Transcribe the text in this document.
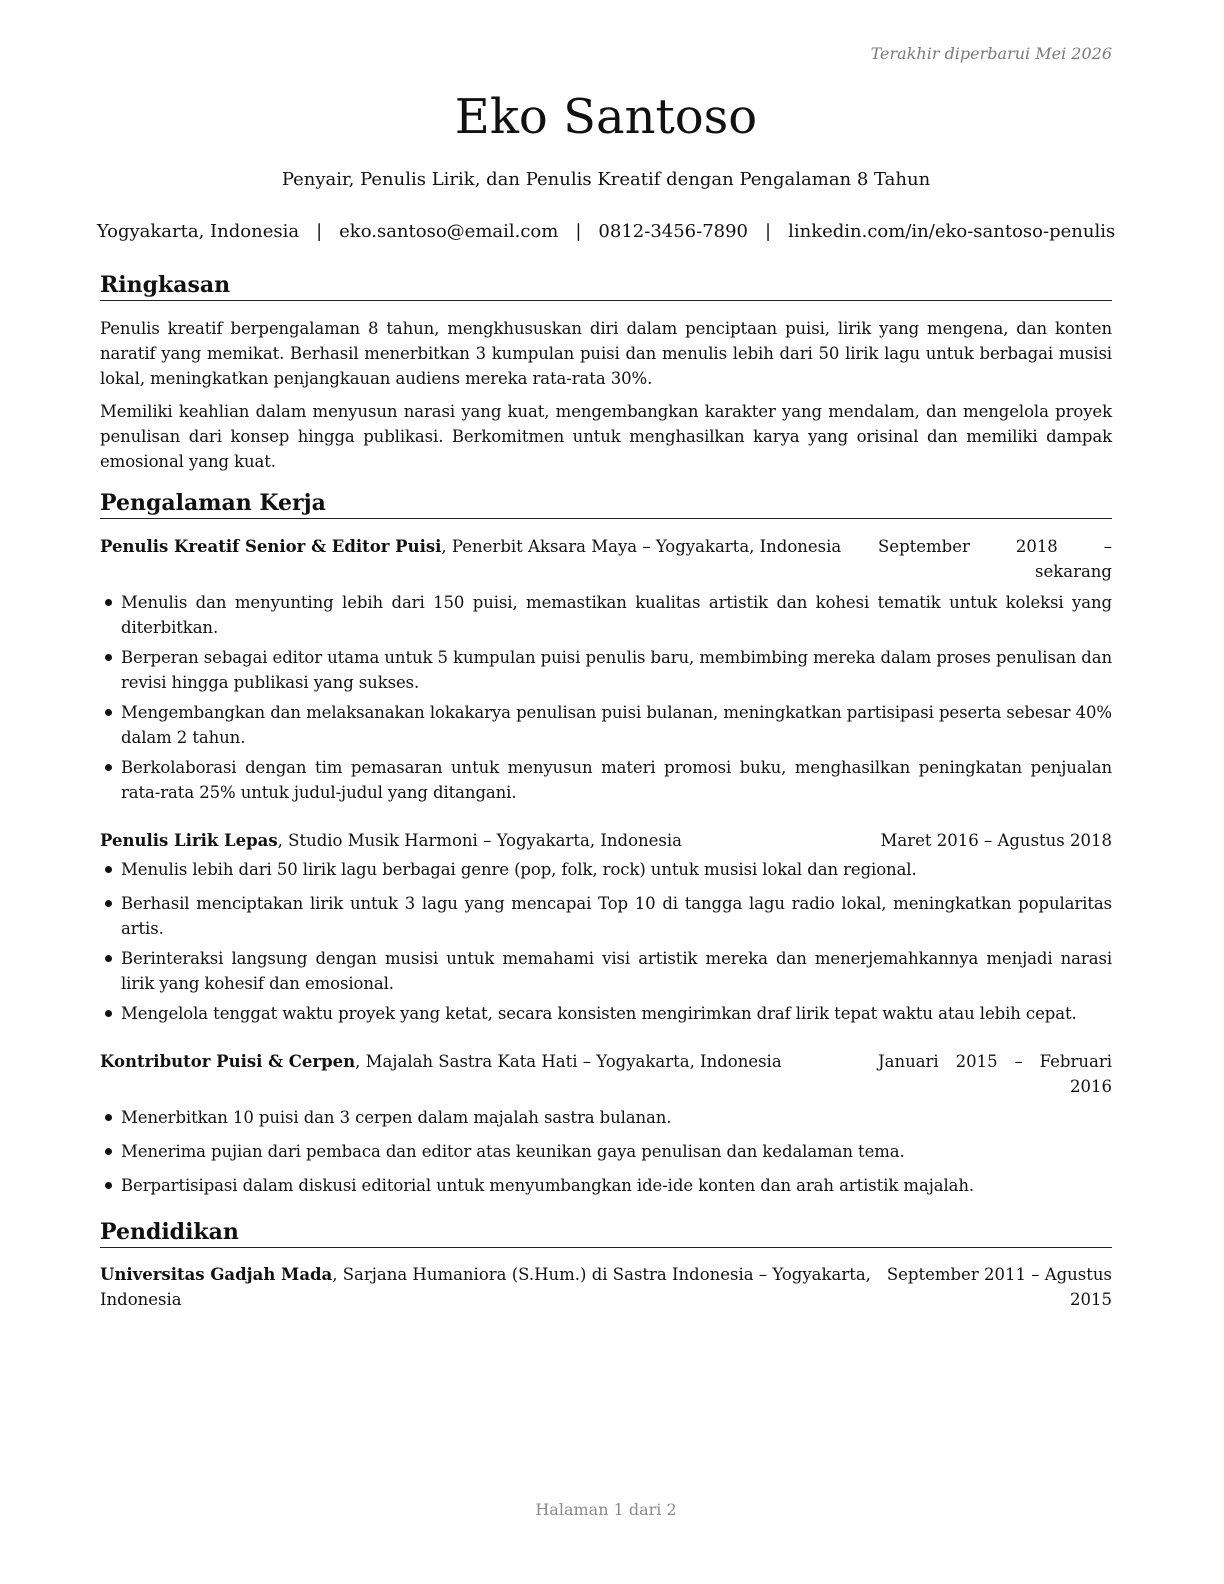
Terakhir diperbarui Mei 2026
Eko Santoso
Penyair, Penulis Lirik, dan Penulis Kreatif dengan Pengalaman 8 Tahun
Yogyakarta, Indonesia | eko.santoso@email.com | 0812-3456-7890 | linkedin.com/in/eko-santoso-penulis
Ringkasan

Penulis kreatif berpengalaman 8 tahun, mengkhususkan diri dalam penciptaan puisi, lirik yang mengena, dan konten naratif yang memikat. Berhasil menerbitkan 3 kumpulan puisi dan menulis lebih dari 50 lirik lagu untuk berbagai musisi lokal, meningkatkan penjangkauan audiens mereka rata-rata 30%.

Memiliki keahlian dalam menyusun narasi yang kuat, mengembangkan karakter yang mendalam, dan mengelola proyek penulisan dari konsep hingga publikasi. Berkomitmen untuk menghasilkan karya yang orisinal dan memiliki dampak emosional yang kuat.

Pengalaman Kerja
Penulis Kreatif Senior & Editor Puisi, Penerbit Aksara Maya – Yogyakarta, Indonesia	September 2018 – sekarang
Menulis dan menyunting lebih dari 150 puisi, memastikan kualitas artistik dan kohesi tematik untuk koleksi yang diterbitkan.
Berperan sebagai editor utama untuk 5 kumpulan puisi penulis baru, membimbing mereka dalam proses penulisan dan revisi hingga publikasi yang sukses.
Mengembangkan dan melaksanakan lokakarya penulisan puisi bulanan, meningkatkan partisipasi peserta sebesar 40% dalam 2 tahun.
Berkolaborasi dengan tim pemasaran untuk menyusun materi promosi buku, menghasilkan peningkatan penjualan rata-rata 25% untuk judul-judul yang ditangani.
Penulis Lirik Lepas, Studio Musik Harmoni – Yogyakarta, Indonesia	Maret 2016 – Agustus 2018
Menulis lebih dari 50 lirik lagu berbagai genre (pop, folk, rock) untuk musisi lokal dan regional.
Berhasil menciptakan lirik untuk 3 lagu yang mencapai Top 10 di tangga lagu radio lokal, meningkatkan popularitas artis.
Berinteraksi langsung dengan musisi untuk memahami visi artistik mereka dan menerjemahkannya menjadi narasi lirik yang kohesif dan emosional.
Mengelola tenggat waktu proyek yang ketat, secara konsisten mengirimkan draf lirik tepat waktu atau lebih cepat.
Kontributor Puisi & Cerpen, Majalah Sastra Kata Hati – Yogyakarta, Indonesia	Januari 2015 – Februari 2016
Menerbitkan 10 puisi dan 3 cerpen dalam majalah sastra bulanan.
Menerima pujian dari pembaca dan editor atas keunikan gaya penulisan dan kedalaman tema.
Berpartisipasi dalam diskusi editorial untuk menyumbangkan ide-ide konten dan arah artistik majalah.
Pendidikan
Universitas Gadjah Mada, Sarjana Humaniora (S.Hum.) di Sastra Indonesia – Yogyakarta, Indonesia
September 2011 – Agustus 2015
Halaman 1 dari 2
